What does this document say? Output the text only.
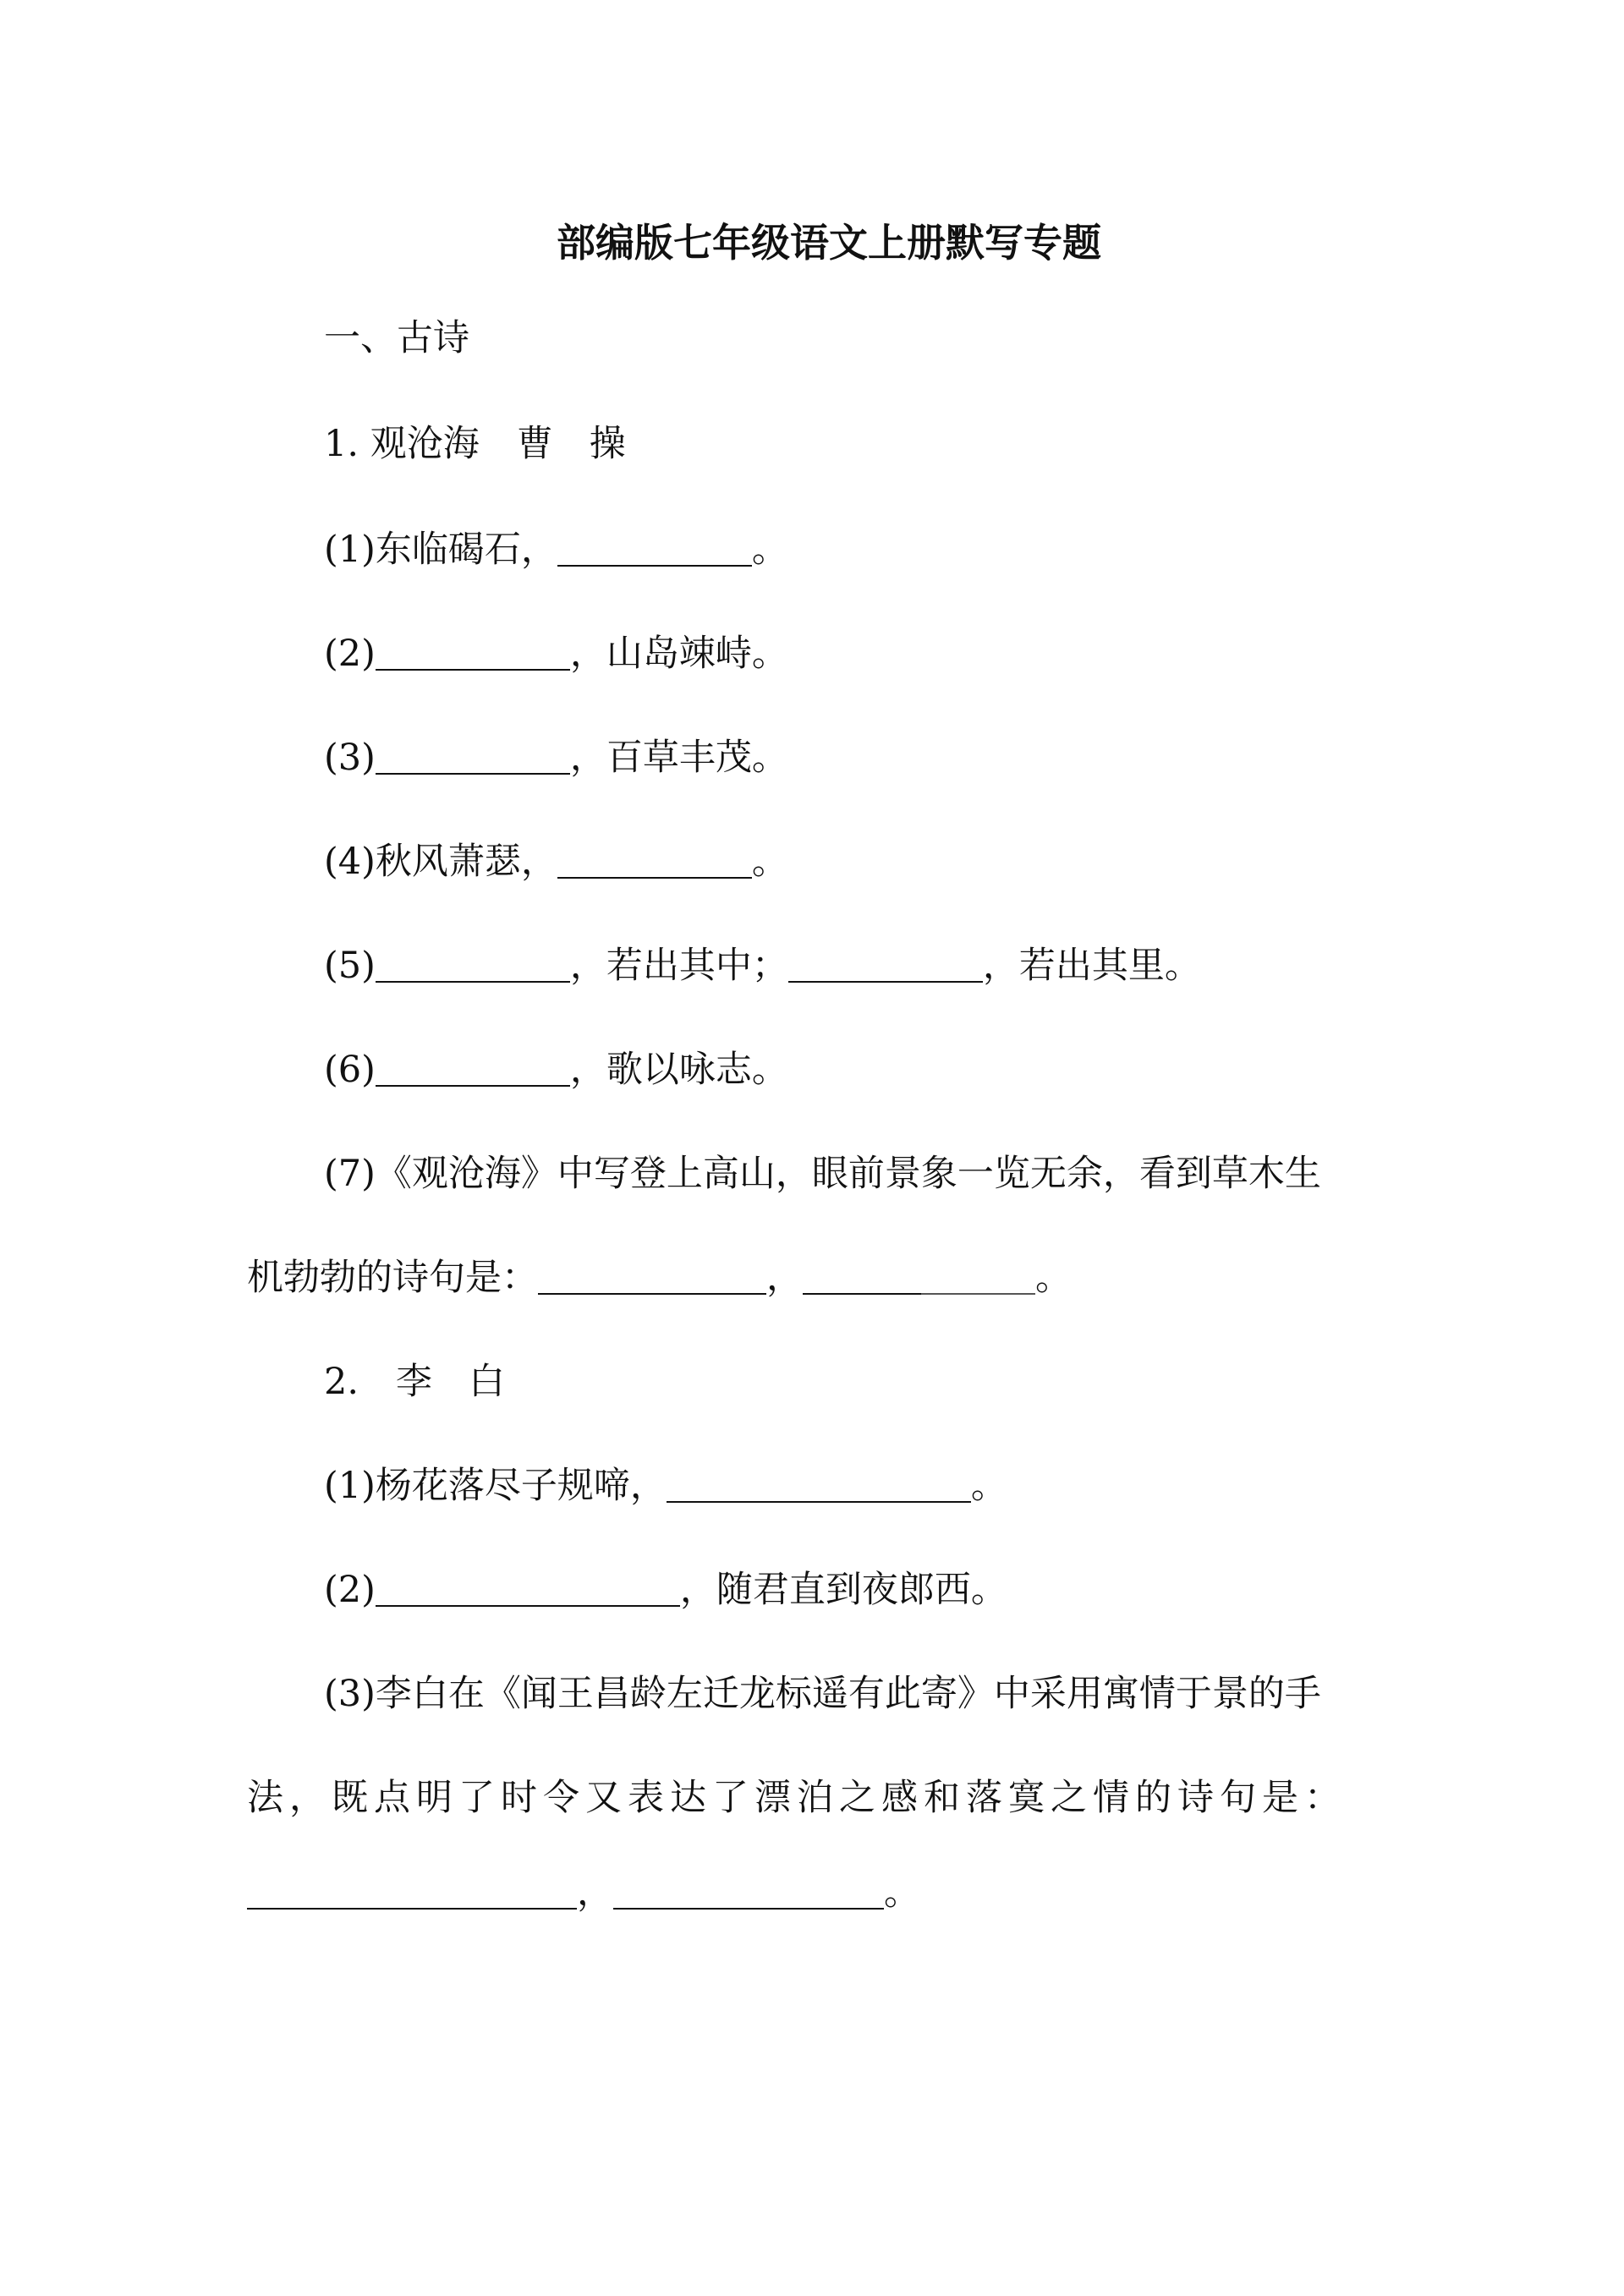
部编版七年级语文上册默写专题
一、古诗
1. 观沧海 曹　操
(1)东临碣石，	。
(2)	，山岛竦峙。
(3)	，百草丰茂。
(4)秋风萧瑟，	。
(5)	，若出其中；	，若出其里。
(6)	，歌以咏志。
(7)《观沧海》中写登上高山，眼前景象一览无余，看到草木生
机勃勃的诗句是：	，	。
2. 李　白
(1)杨花落尽子规啼，	。
(2)	，随君直到夜郎西。
(3)李白在《闻王昌龄左迁龙标遥有此寄》中采用寓情于景的手
法，既点明了时令又表达了漂泊之感和落寞之情的诗句是：
，	。
